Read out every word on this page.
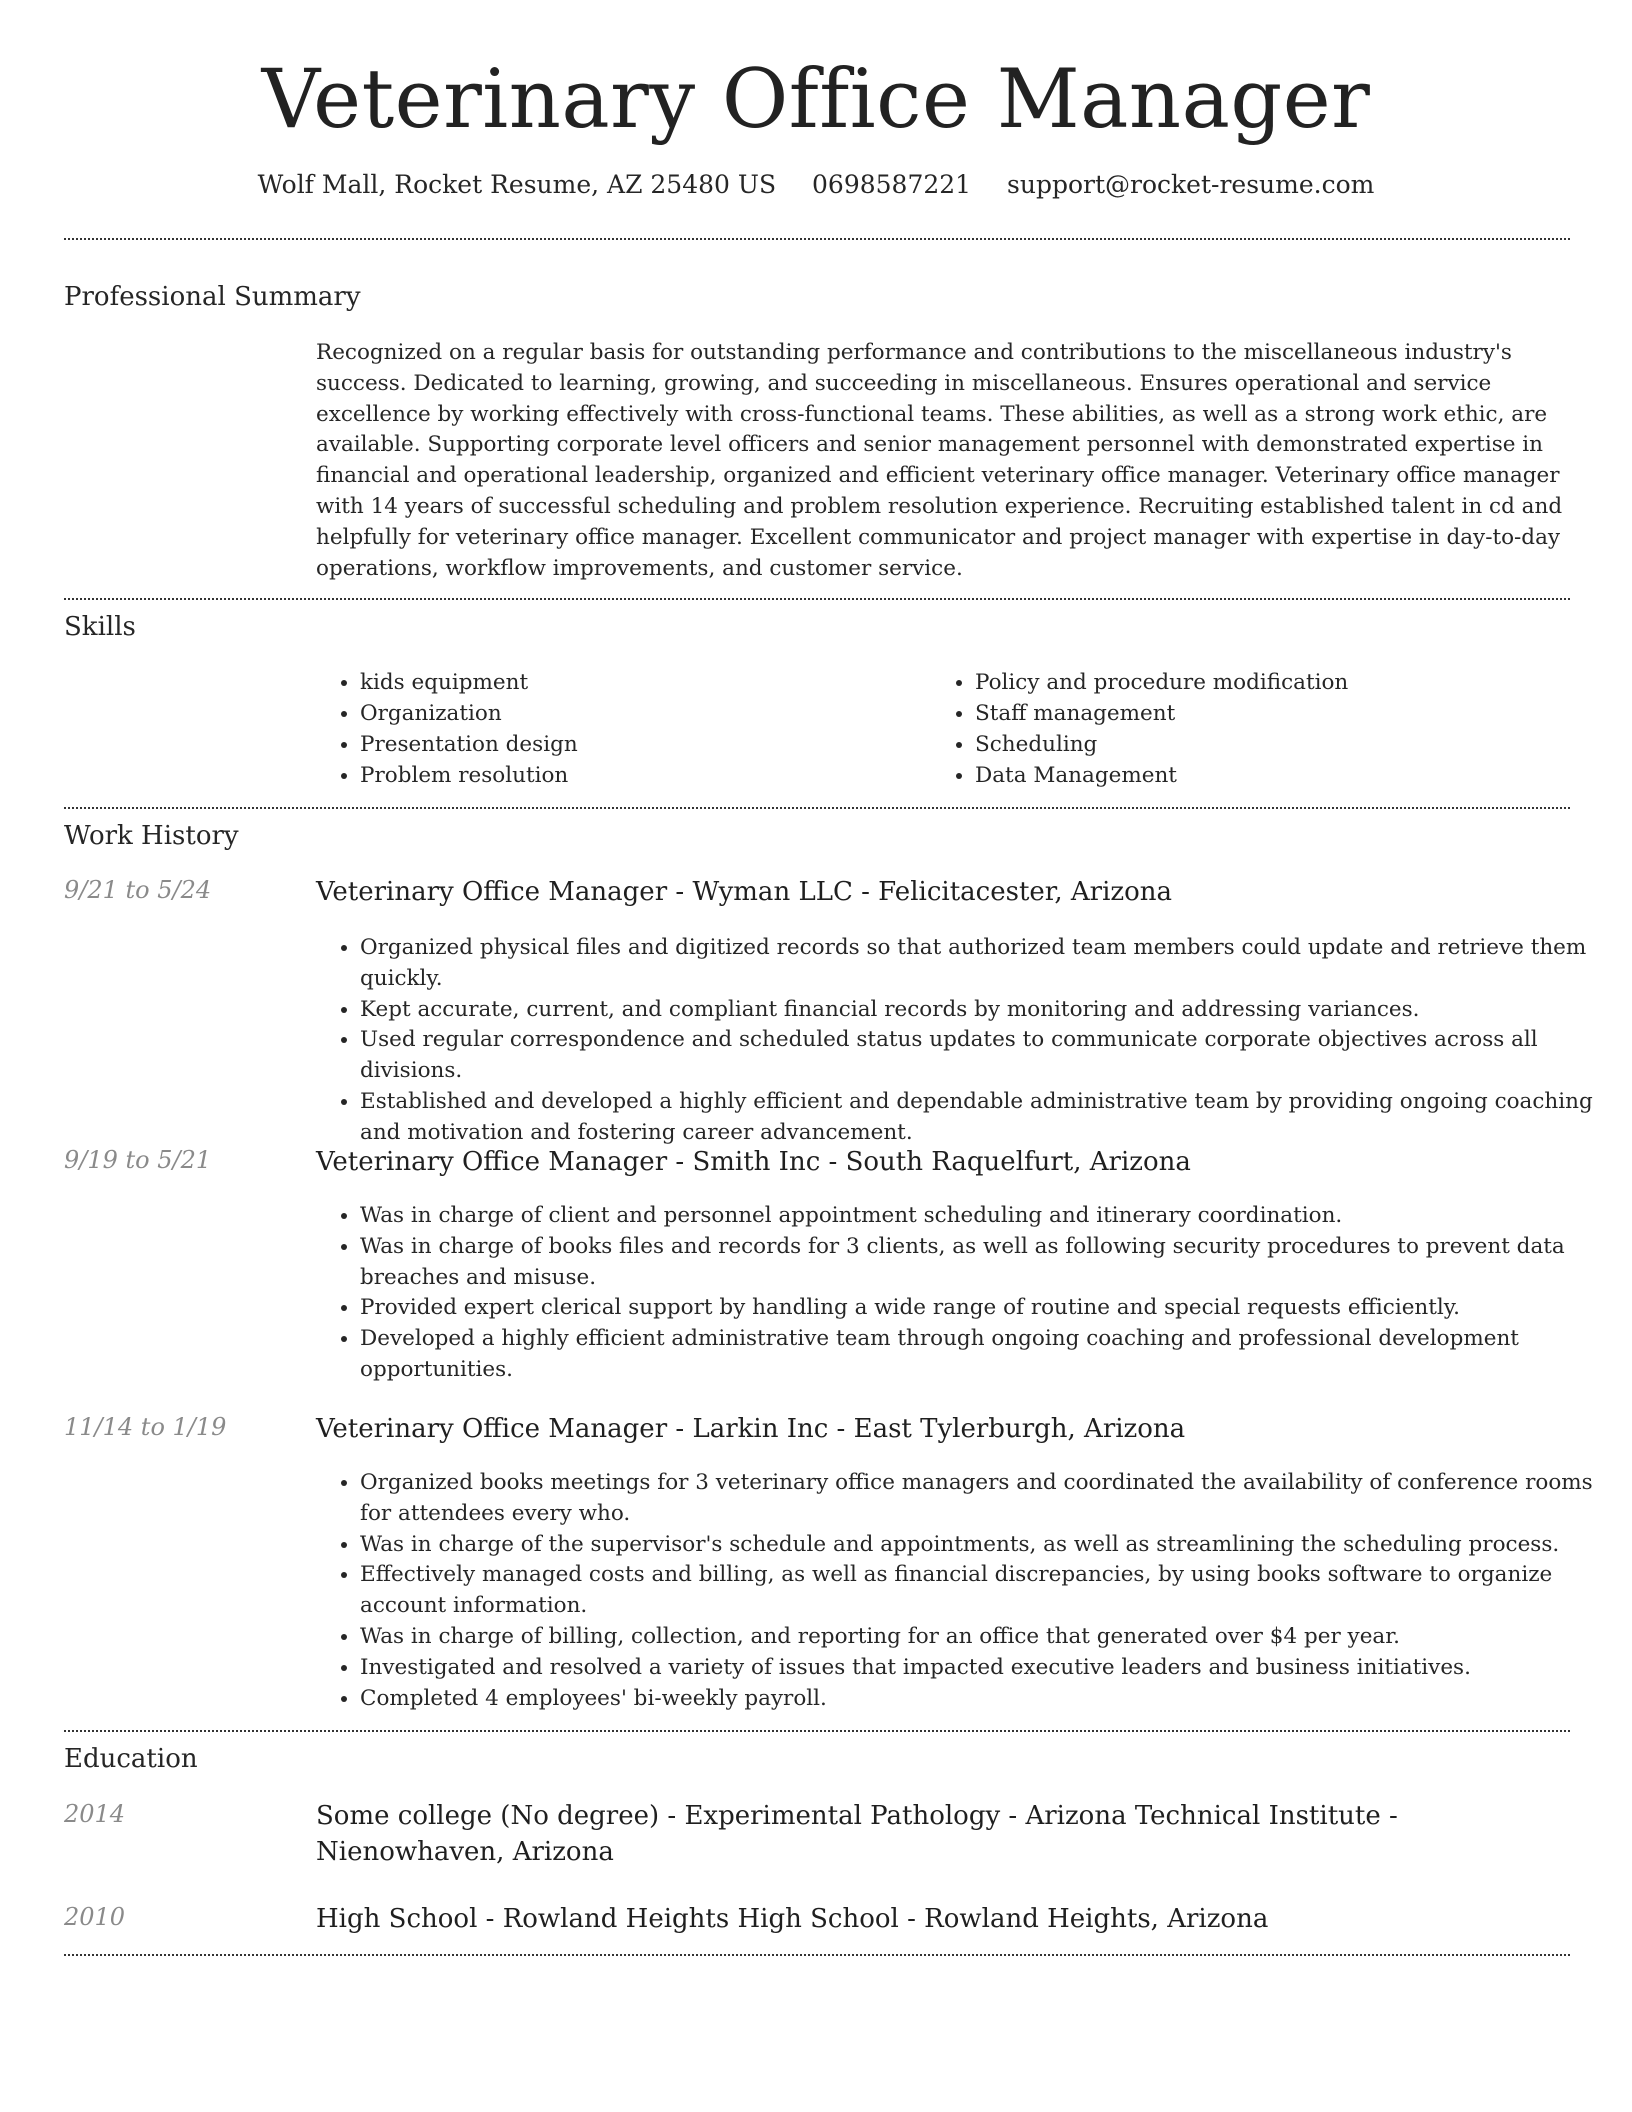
Veterinary Office Manager
Wolf Mall, Rocket Resume, AZ 25480 US 0698587221 support@rocket-resume.com
Professional Summary

Recognized on a regular basis for outstanding performance and contributions to the miscellaneous industry's success. Dedicated to learning, growing, and succeeding in miscellaneous. Ensures operational and service excellence by working effectively with cross-functional teams. These abilities, as well as a strong work ethic, are available. Supporting corporate level officers and senior management personnel with demonstrated expertise in financial and operational leadership, organized and efficient veterinary office manager. Veterinary office manager with 14 years of successful scheduling and problem resolution experience. Recruiting established talent in cd and helpfully for veterinary office manager. Excellent communicator and project manager with expertise in day-to-day operations, workflow improvements, and customer service.

Skills
• kids equipment
• Organization
• Presentation design
• Problem resolution
• Policy and procedure modification
• Staff management
• Scheduling
• Data Management
Work History
9/21 to 5/24	Veterinary Office Manager - Wyman LLC - Felicitacester, Arizona
• Organized physical files and digitized records so that authorized team members could update and retrieve them quickly.
• Kept accurate, current, and compliant financial records by monitoring and addressing variances.
• Used regular correspondence and scheduled status updates to communicate corporate objectives across all divisions.
• Established and developed a highly efficient and dependable administrative team by providing ongoing coaching and motivation and fostering career advancement.
9/19 to 5/21	Veterinary Office Manager - Smith Inc - South Raquelfurt, Arizona
• Was in charge of client and personnel appointment scheduling and itinerary coordination.
• Was in charge of books files and records for 3 clients, as well as following security procedures to prevent data breaches and misuse.
• Provided expert clerical support by handling a wide range of routine and special requests efficiently.
• Developed a highly efficient administrative team through ongoing coaching and professional development opportunities.
11/14 to 1/19	Veterinary Office Manager - Larkin Inc - East Tylerburgh, Arizona
• Organized books meetings for 3 veterinary office managers and coordinated the availability of conference rooms for attendees every who.
• Was in charge of the supervisor's schedule and appointments, as well as streamlining the scheduling process.
• Effectively managed costs and billing, as well as financial discrepancies, by using books software to organize account information.
• Was in charge of billing, collection, and reporting for an office that generated over $4 per year.
• Investigated and resolved a variety of issues that impacted executive leaders and business initiatives.
• Completed 4 employees' bi-weekly payroll.
Education
2014	Some college (No degree) - Experimental Pathology - Arizona Technical Institute - Nienowhaven, Arizona
2010	High School - Rowland Heights High School - Rowland Heights, Arizona
